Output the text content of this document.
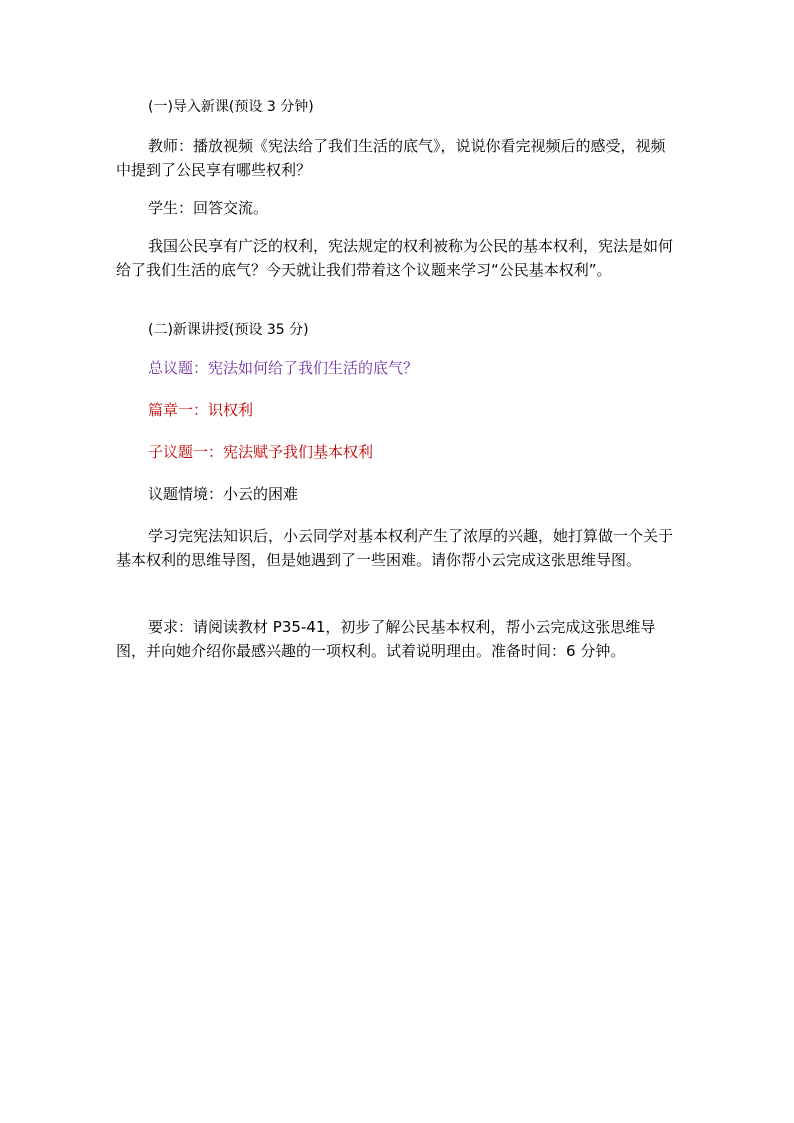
(一)导入新课(预设 3 分钟)
教师：播放视频《宪法给了我们生活的底气》，说说你看完视频后的感受，视频中提到了公民享有哪些权利？
学生：回答交流。
我国公民享有广泛的权利，宪法规定的权利被称为公民的基本权利，宪法是如何给了我们生活的底气？今天就让我们带着这个议题来学习“公民基本权利”。
(二)新课讲授(预设 35 分)
总议题：宪法如何给了我们生活的底气？
篇章一：识权利
子议题一：宪法赋予我们基本权利
议题情境：小云的困难
学习完宪法知识后，小云同学对基本权利产生了浓厚的兴趣，她打算做一个关于基本权利的思维导图，但是她遇到了一些困难。请你帮小云完成这张思维导图。
要求：请阅读教材 P35-41，初步了解公民基本权利，帮小云完成这张思维导图，并向她介绍你最感兴趣的一项权利。试着说明理由。准备时间：6 分钟。
